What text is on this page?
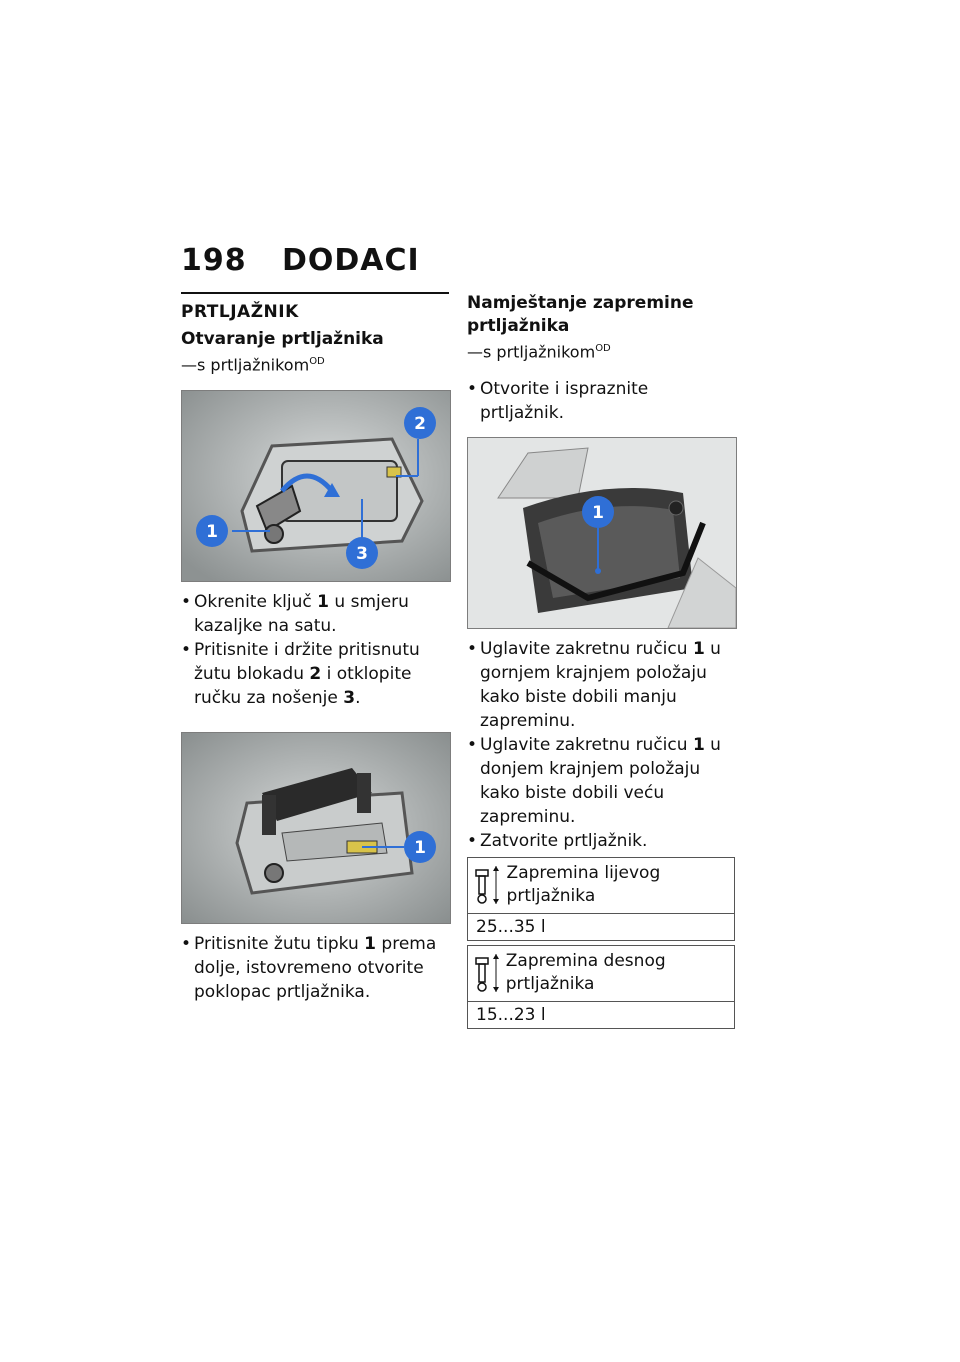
198 DODACI
PRTLJAŽNIK
Otvaranje prtljažnika
—s prtljažnikom$^{OD}$
1
2
3

• Okrenite ključ 1 u smjeru kazaljke na satu.

• Pritisnite i držite pritisnutu žutu blokadu 2 i otklopite ručku za nošenje 3.

1

• Pritisnite žutu tipku 1 prema dolje, istovremeno otvorite poklopac prtljažnika.

Namještanje zapremine prtljažnika
—s prtljažnikom$^{OD}$

• Otvorite i ispraznite prtljažnik.

1

• Uglavite zakretnu ručicu 1 u gornjem krajnjem položaju kako biste dobili manju zapreminu.

• Uglavite zakretnu ručicu 1 u donjem krajnjem položaju kako biste dobili veću zapreminu.

• Zatvorite prtljažnik.

Zapremina lijevog prtljažnika
25...35 l
Zapremina desnog prtljažnika
15...23 l
